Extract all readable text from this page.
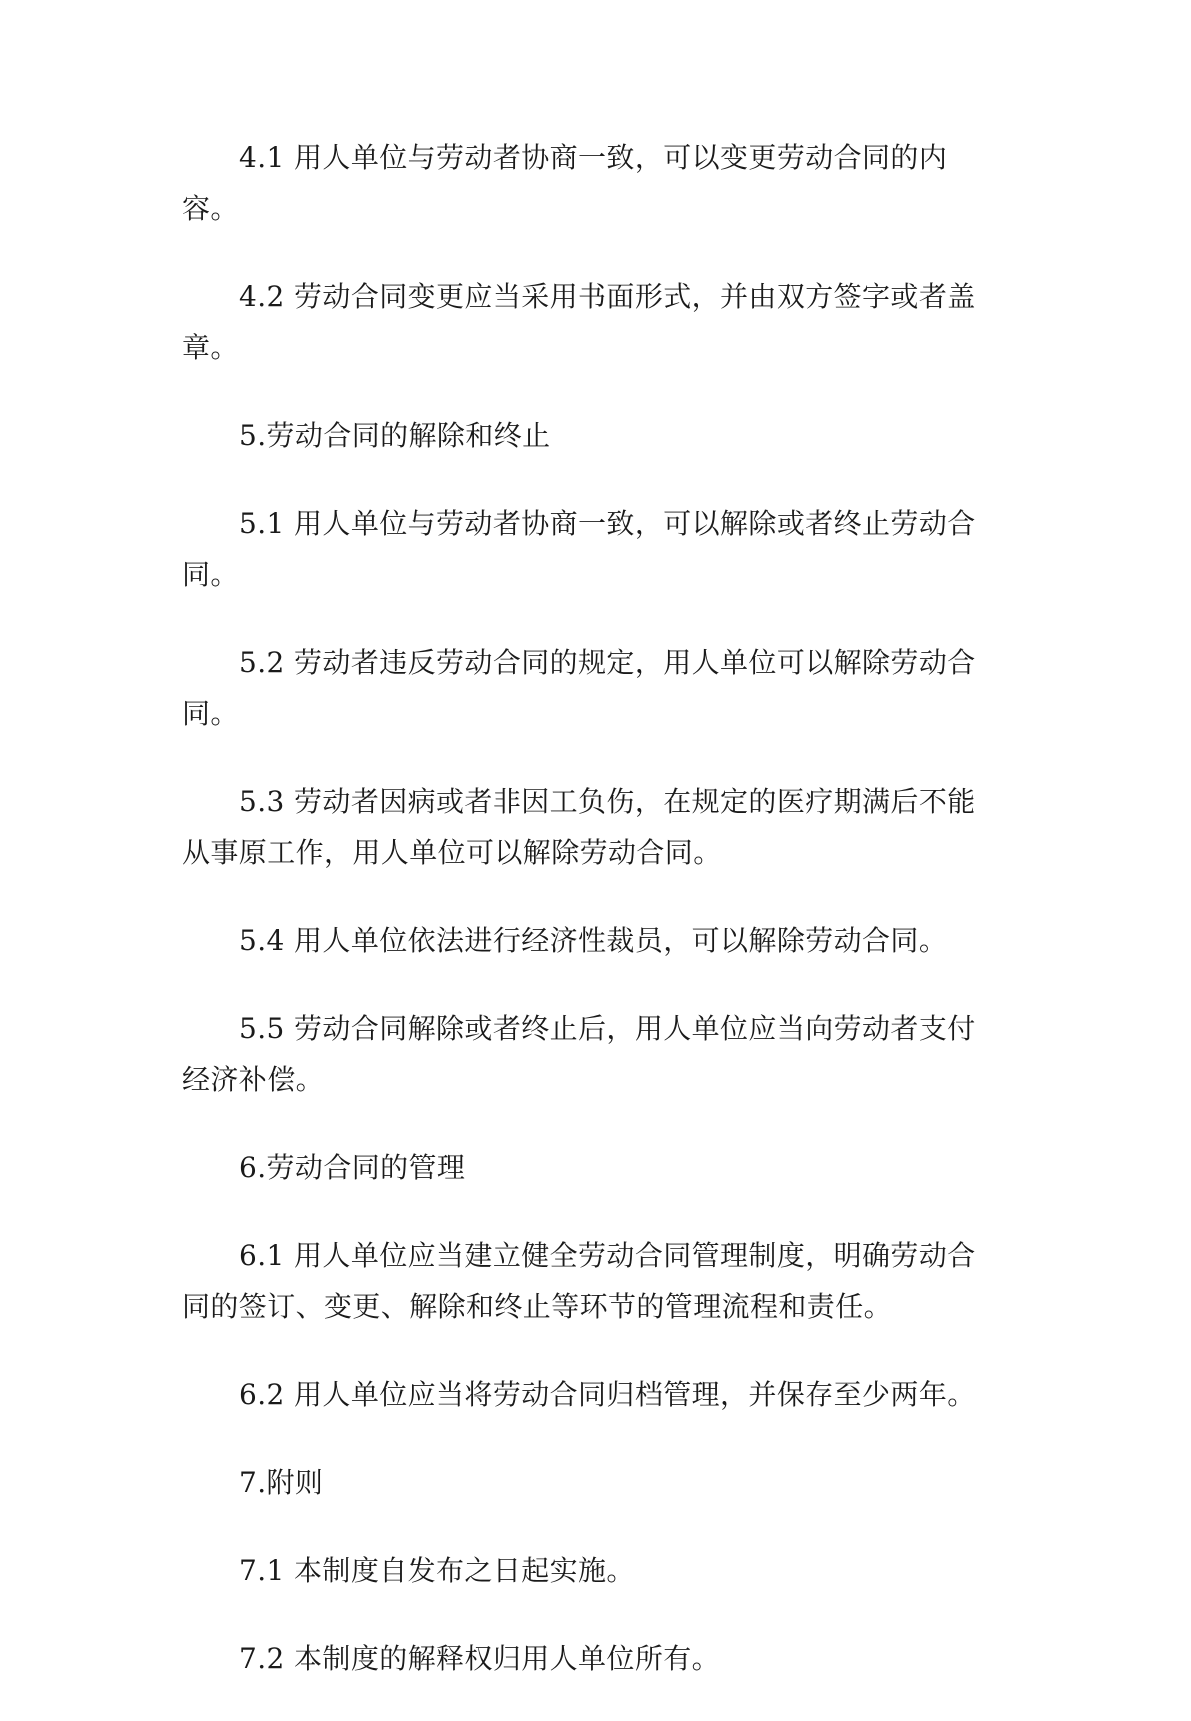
4.1 用人单位与劳动者协商一致，可以变更劳动合同的内容。

4.2 劳动合同变更应当采用书面形式，并由双方签字或者盖章。

5.劳动合同的解除和终止

5.1 用人单位与劳动者协商一致，可以解除或者终止劳动合同。

5.2 劳动者违反劳动合同的规定，用人单位可以解除劳动合同。

5.3 劳动者因病或者非因工负伤，在规定的医疗期满后不能从事原工作，用人单位可以解除劳动合同。

5.4 用人单位依法进行经济性裁员，可以解除劳动合同。

5.5 劳动合同解除或者终止后，用人单位应当向劳动者支付经济补偿。

6.劳动合同的管理

6.1 用人单位应当建立健全劳动合同管理制度，明确劳动合同的签订、变更、解除和终止等环节的管理流程和责任。

6.2 用人单位应当将劳动合同归档管理，并保存至少两年。

7.附则

7.1 本制度自发布之日起实施。

7.2 本制度的解释权归用人单位所有。
